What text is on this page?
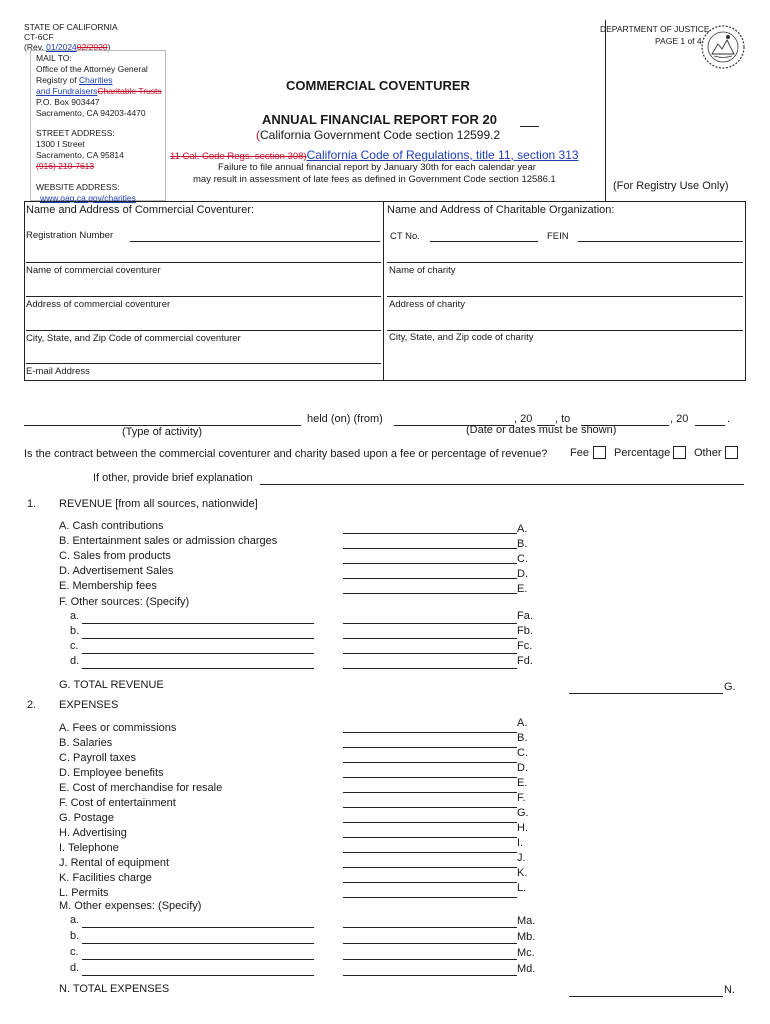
STATE OF CALIFORNIA
CT-6CF
(Rev. 01/202402/2020)
DEPARTMENT OF JUSTICE
PAGE 1 of 4
MAIL TO:
Office of the Attorney General
Registry of Charities
and FundraisersCharitable Trusts
P.O. Box 903447
Sacramento, CA 94203-4470
STREET ADDRESS:
1300 I Street
Sacramento, CA 95814
(916) 210-7613
WEBSITE ADDRESS:
www.oag.ca.gov/charities
COMMERCIAL COVENTURER
ANNUAL FINANCIAL REPORT FOR 20
(California Government Code section 12599.2
11 Cal. Code Regs. section 308)California Code of Regulations, title 11, section 313
Failure to file annual financial report by January 30th for each calendar year
may result in assessment of late fees as defined in Government Code section 12586.1
(For Registry Use Only)
Name and Address of Commercial Coventurer:	Name and Address of Charitable Organization:
Registration Number	CT No.	FEIN
Name of commercial coventurer	Name of charity
Address of commercial coventurer	Address of charity
City, State, and Zip Code of commercial coventurer	City, State, and Zip code of charity
E-mail Address
held (on) (from)	, 20 , to	, 20	.
(Type of activity)	(Date or dates must be shown)
Is the contract between the commercial coventurer and charity based upon a fee or percentage of revenue? Fee Percentage Other
If other, provide brief explanation
1. REVENUE [from all sources, nationwide]
A. Cash contributions	A.
B. Entertainment sales or admission charges	B.
C. Sales from products	C.
D. Advertisement Sales	D.
E. Membership fees	E.
F. Other sources: (Specify)
a.	Fa.
b.	Fb.
c.	Fc.
d.	Fd.
G. TOTAL REVENUE	G.
2. EXPENSES
A. Fees or commissions	A.
B. Salaries	B.
C. Payroll taxes	C.
D. Employee benefits	D.
E. Cost of merchandise for resale	E.
F. Cost of entertainment	F.
G. Postage	G.
H. Advertising	H.
I. Telephone	I.
J. Rental of equipment	J.
K. Facilities charge	K.
L. Permits	L.
M. Other expenses: (Specify)
a.	Ma.
b.	Mb.
c.	Mc.
d.	Md.
N. TOTAL EXPENSES	N.
